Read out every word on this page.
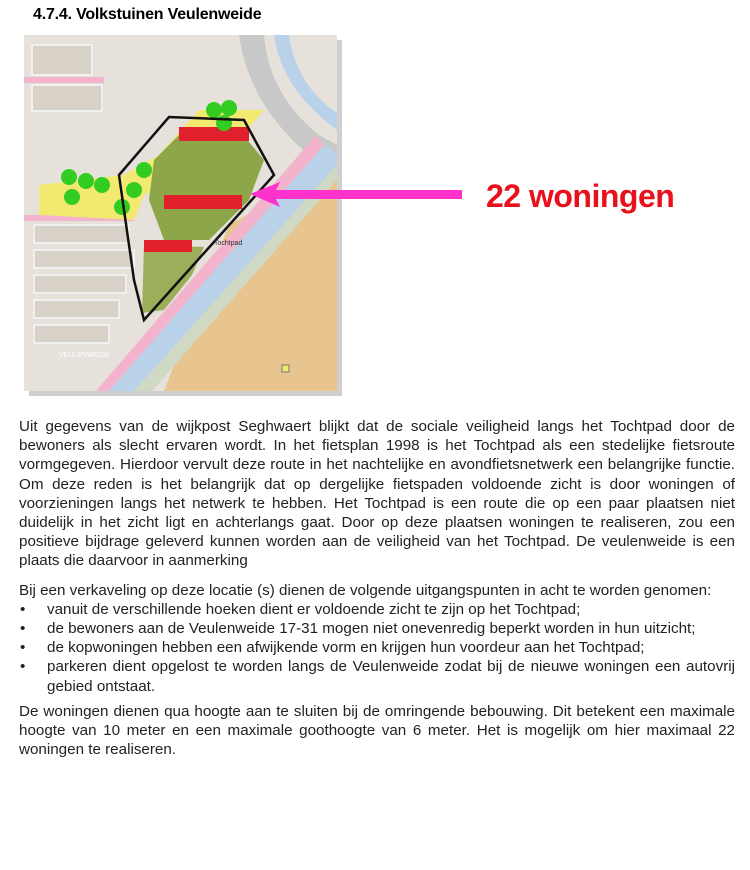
4.7.4. Volkstuinen Veulenweide
Tochtpad
VEULENWEIDE
22 woningen

Uit gegevens van de wijkpost Seghwaert blijkt dat de sociale veiligheid langs het Tochtpad door de bewoners als slecht ervaren wordt. In het fietsplan 1998 is het Tochtpad als een stedelijke fietsroute vormgegeven. Hierdoor vervult deze route in het nachtelijke en avondfietsnetwerk een belangrijke functie. Om deze reden is het belangrijk dat op dergelijke fietspaden voldoende zicht is door woningen of voorzieningen langs het netwerk te hebben. Het Tochtpad is een route die op een paar plaatsen niet duidelijk in het zicht ligt en achterlangs gaat. Door op deze plaatsen woningen te realiseren, zou een positieve bijdrage geleverd kunnen worden aan de veiligheid van het Tochtpad. De veulenweide is een plaats die daarvoor in aanmerking

Bij een verkaveling op deze locatie (s) dienen de volgende uitgangspunten in acht te worden genomen:

• vanuit de verschillende hoeken dient er voldoende zicht te zijn op het Tochtpad;
• de bewoners aan de Veulenweide 17-31 mogen niet onevenredig beperkt worden in hun uitzicht;
• de kopwoningen hebben een afwijkende vorm en krijgen hun voordeur aan het Tochtpad;
• parkeren dient opgelost te worden langs de Veulenweide zodat bij de nieuwe woningen een autovrij gebied ontstaat.

De woningen dienen qua hoogte aan te sluiten bij de omringende bebouwing. Dit betekent een maximale hoogte van 10 meter en een maximale goothoogte van 6 meter. Het is mogelijk om hier maximaal 22 woningen te realiseren.
